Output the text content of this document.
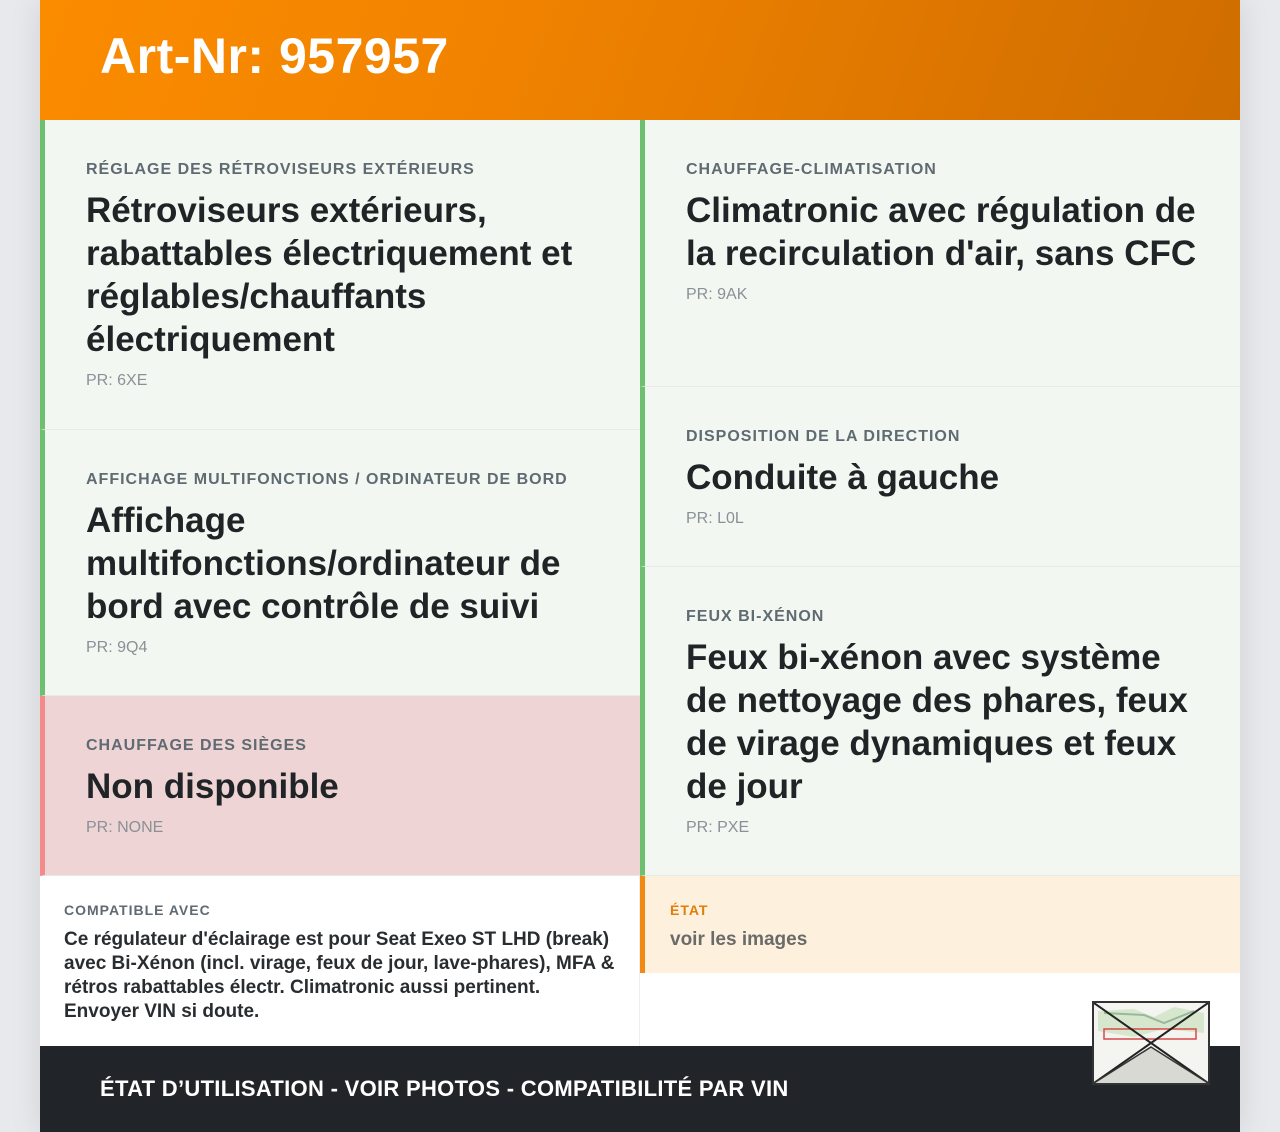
Art-Nr: 957957
RÉGLAGE DES RÉTROVISEURS EXTÉRIEURS
Rétroviseurs extérieurs, rabattables électriquement et réglables/chauffants électriquement
PR: 6XE
AFFICHAGE MULTIFONCTIONS / ORDINATEUR DE BORD
Affichage multifonctions/ordinateur de bord avec contrôle de suivi
PR: 9Q4
CHAUFFAGE DES SIÈGES
Non disponible
PR: NONE
CHAUFFAGE-CLIMATISATION
Climatronic avec régulation de la recirculation d'air, sans CFC
PR: 9AK
DISPOSITION DE LA DIRECTION
Conduite à gauche
PR: L0L
FEUX BI-XÉNON
Feux bi-xénon avec système de nettoyage des phares, feux de virage dynamiques et feux de jour
PR: PXE
COMPATIBLE AVEC
Ce régulateur d'éclairage est pour Seat Exeo ST LHD (break) avec Bi-Xénon (incl. virage, feux de jour, lave-phares), MFA & rétros rabattables électr. Climatronic aussi pertinent. Envoyer VIN si doute.
ÉTAT
voir les images
ÉTAT D’UTILISATION - VOIR PHOTOS - COMPATIBILITÉ PAR VIN
